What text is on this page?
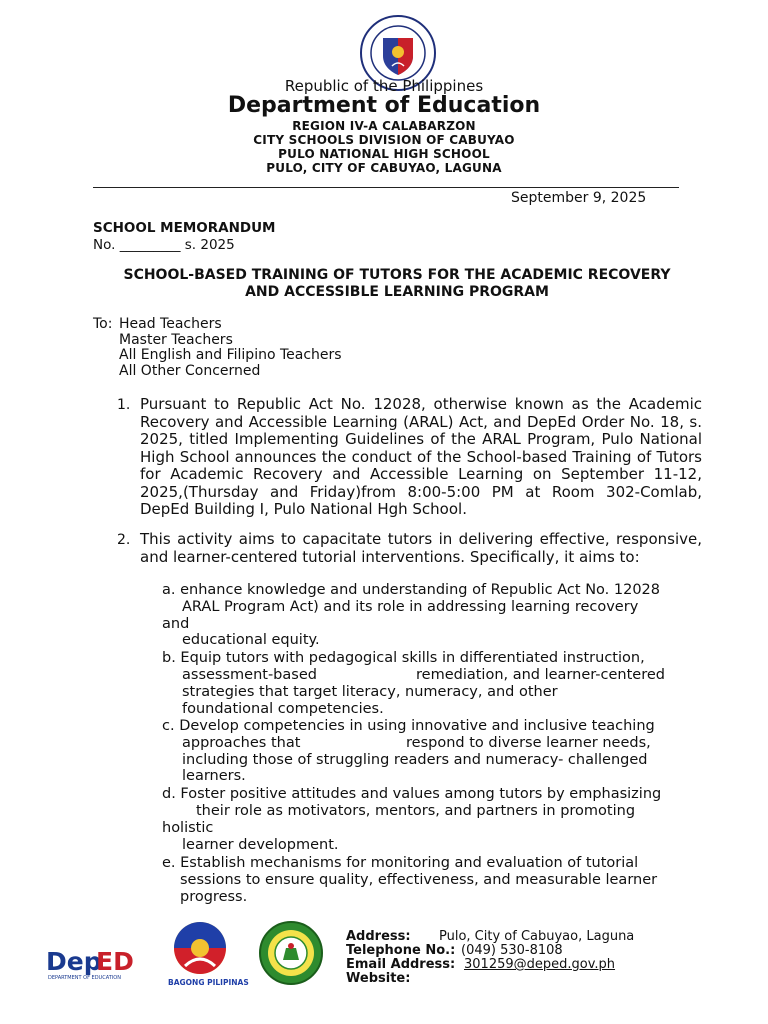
Republic of the Philippines
Department of Education
REGION IV-A CALABARZON
CITY SCHOOLS DIVISION OF CABUYAO
PULO NATIONAL HIGH SCHOOL
PULO, CITY OF CABUYAO, LAGUNA
September 9, 2025
SCHOOL MEMORANDUM
No. _________ s. 2025
SCHOOL-BASED TRAINING OF TUTORS FOR THE ACADEMIC RECOVERY
AND ACCESSIBLE LEARNING PROGRAM
To: Head Teachers
Master Teachers
All English and Filipino Teachers
All Other Concerned
1. Pursuant to Republic Act No. 12028, otherwise known as the Academic Recovery and Accessible Learning (ARAL) Act, and DepEd Order No. 18, s. 2025, titled Implementing Guidelines of the ARAL Program, Pulo National High School announces the conduct of the School-based Training of Tutors for Academic Recovery and Accessible Learning on September 11-12, 2025,(Thursday and Friday)from 8:00-5:00 PM at Room 302-Comlab, DepEd Building I, Pulo National Hgh School.
2. This activity aims to capacitate tutors in delivering effective, responsive, and learner-centered tutorial interventions. Specifically, it aims to:
a. enhance knowledge and understanding of Republic Act No. 12028
ARAL Program Act) and its role in addressing learning recovery
and
educational equity.
b. Equip tutors with pedagogical skills in differentiated instruction,
assessment-based	remediation, and learner-centered
strategies that target literacy, numeracy, and other
foundational competencies.
c. Develop competencies in using innovative and inclusive teaching
approaches that	respond to diverse learner needs,
including those of struggling readers and numeracy- challenged
learners.
d. Foster positive attitudes and values among tutors by emphasizing
their role as motivators, mentors, and partners in promoting
holistic
learner development.
e. Establish mechanisms for monitoring and evaluation of tutorial
sessions to ensure quality, effectiveness, and measurable learner
progress.
Dep
ED
DEPARTMENT OF EDUCATION	BAGONG PILIPINAS
Address: Pulo, City of Cabuyao, Laguna
Telephone No.: (049) 530-8108
Email Address: 301259@deped.gov.ph
Website:
